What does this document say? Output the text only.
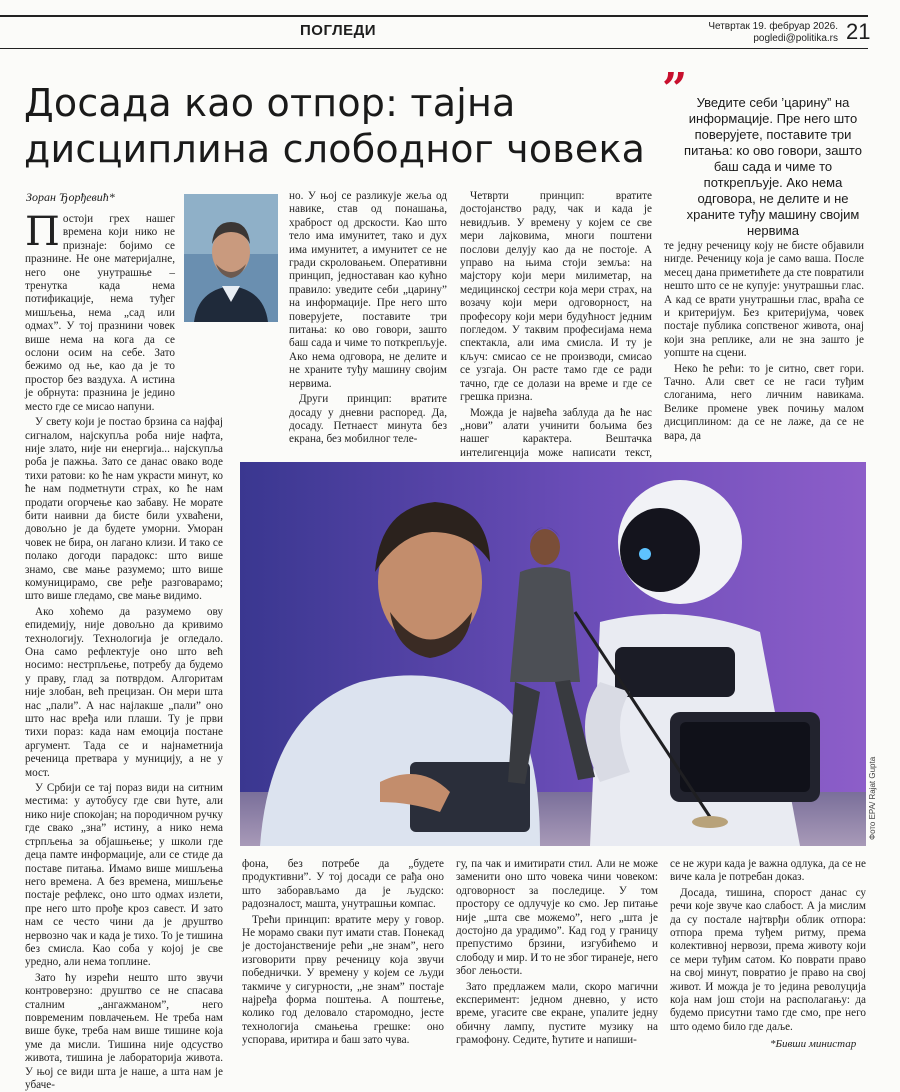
ПОГЛЕДИ	Четвртак 19. фебруар 2026.
pogledi@politika.rs 21
Досада као отпор: тајна
дисциплина слободног човека
” Уведите себи ’царину” на информације. Пре него што поверујете, поставите три питања: ко ово говори, зашто баш сада и чиме то поткрепљује. Ако нема одговора, не делите и не храните туђу машину својим нервима
Зоран Ђорђевић*

Постоји грех нашег времена који нико не признаје: бојимо се празнине. Не оне материјалне, него оне унутрашње – тренутка када нема потификације, нема туђег мишљења, нема „сад или одмах”. У тој празнини човек више нема на кога да се ослони осим на себе. Зато бежимо од ње, као да је то простор без ваздуха. А истина је обрнута: празнина је једино место где се мисао напуни.

У свету који је постао брзина са најфај сигналом, најскупља роба није нафта, није злато, није ни енергија... најскупља роба је пажња. Зато се данас овако воде тихи ратови: ко ће нам украсти минут, ко ће нам подметнути страх, ко ће нам продати огорчење као забаву. Не морате бити наивни да бисте били ухваћени, довољно је да будете уморни. Уморан човек не бира, он лагано клизи. И тако се полако догоди парадокс: што више знамо, све мање разумемо; што више комуницирамо, све ређе разговарамо; што више гледамо, све мање видимо.

Ако хоћемо да разумемо ову епидемију, није довољно да кривимо технологију. Технологија је огледало. Она само рефлектује оно што већ носимо: нестрпљење, потребу да будемо у праву, глад за потврдом. Алгоритам није злобан, већ прецизан. Он мери шта нас „пали”. А нас најлакше „пали” оно што нас вређа или плаши. Ту је први тихи пораз: када нам емоција постане аргумент. Тада се и најнаметнија реченица претвара у муницију, а не у мост.

У Србији се тај пораз види на ситним местима: у аутобусу где сви ћуте, али нико није спокојан; на породичном ручку где свако „зна” истину, а нико нема стрпљења за објашњење; у школи где деца памте информације, али се стиде да поставе питања. Имамо више мишљења него времена. А без времена, мишљење постаје рефлекс, оно што одмах излети, пре него што прође кроз савест. И зато нам се често чини да је друштво нервозно чак и када је тихо. То је тишина без смисла. Као соба у којој је све уредно, али нема топлине.

Зато ћу изрећи нешто што звучи контроверзно: друштво се не спасава сталним „ангажманом”, него повременим повлачењем. Не треба нам више буке, треба нам више тишине која уме да мисли. Тишина није одсуство живота, тишина је лабораторија живота. У њој се види шта је наше, а шта нам је убаче-

но. У њој се разликује жеља од навике, став од понашања, храброст од дрскости. Као што тело има имунитет, тако и дух има имунитет, а имунитет се не гради скроловањем. Оперативни принцип, једноставан као кућно правило: уведите себи „царину” на информације. Пре него што поверујете, поставите три питања: ко ово говори, зашто баш сада и чиме то поткрепљује. Ако нема одговора, не делите и не храните туђу машину својим нервима.

Други принцип: вратите досаду у дневни распоред. Да, досаду. Петнаест минута без екрана, без мобилног теле-

Четврти принцип: вратите достојанство раду, чак и када је невидљив. У времену у којем се све мери лајковима, многи поштени послови делују као да не постоје. А управо на њима стоји земља: на мајстору који мери милиметар, на медицинској сестри која мери страх, на возачу који мери одговорност, на професору који мери будућност једним погледом. У таквим професијама нема спектакла, али има смисла. И ту је кључ: смисао се не производи, смисао се узгаја. Он расте тамо где се ради тачно, где се долази на време и где се грешка призна.

Можда је највећа заблуда да ће нас „нови” алати учинити бољима без нашег карактера. Вештачка интелигенција може написати текст,

те једну реченицу коју не бисте објавили нигде. Реченицу која је само ваша. После месец дана приметићете да сте повратили нешто што се не купује: унутрашњи глас. А кад се врати унутрашњи глас, враћа се и критеријум. Без критеријума, човек постаје публика сопственог живота, онај који зна реплике, али не зна зашто је уопште на сцени.

Неко ће рећи: то је ситно, свет гори. Тачно. Али свет се не гаси туђим слоганима, него личним навикама. Велике промене увек почињу малом дисциплином: да се не лаже, да се не вара, да

Фото EPA/ Rajat Gupta

фона, без потребе да „будете продуктивни”. У тој досади се рађа оно што заборављамо да је људско: радозналост, машта, унутрашњи компас.

Трећи принцип: вратите меру у говор. Не морамо сваки пут имати став. Понекад је достојанственије рећи „не знам”, него изговорити прву реченицу која звучи победнички. У времену у којем се људи такмиче у сигурности, „не знам” постаје најређа форма поштења. А поштење, колико год деловало старомодно, јесте технологија смањења грешке: оно успорава, иритира и баш зато чува.

гу, па чак и имитирати стил. Али не може заменити оно што човека чини човеком: одговорност за последице. У том простору се одлучује ко смо. Јер питање није „шта све можемо”, него „шта је достојно да урадимо”. Кад год у границу препустимо брзини, изгубићемо и слободу и мир. И то не због тиранеје, него због лењости.

Зато предлажем мали, скоро магични експеримент: једном дневно, у исто време, угасите све екране, упалите једну обичну лампу, пустите музику на грамофону. Седите, ћутите и напиши-

се не жури када је важна одлука, да се не виче кала је потребан доказ.

Досада, тишина, спорост данас су речи које звуче као слабост. А ја мислим да су постале најтврђи облик отпора: отпора према туђем ритму, према колективној нервози, према животу који се мери туђим сатом. Ко поврати право на свој минут, повратио је право на свој живот. И можда је то једина револуција која нам још стоји на располагању: да будемо присутни тамо где смо, пре него што одемо било где даље.

*Бивши министар
